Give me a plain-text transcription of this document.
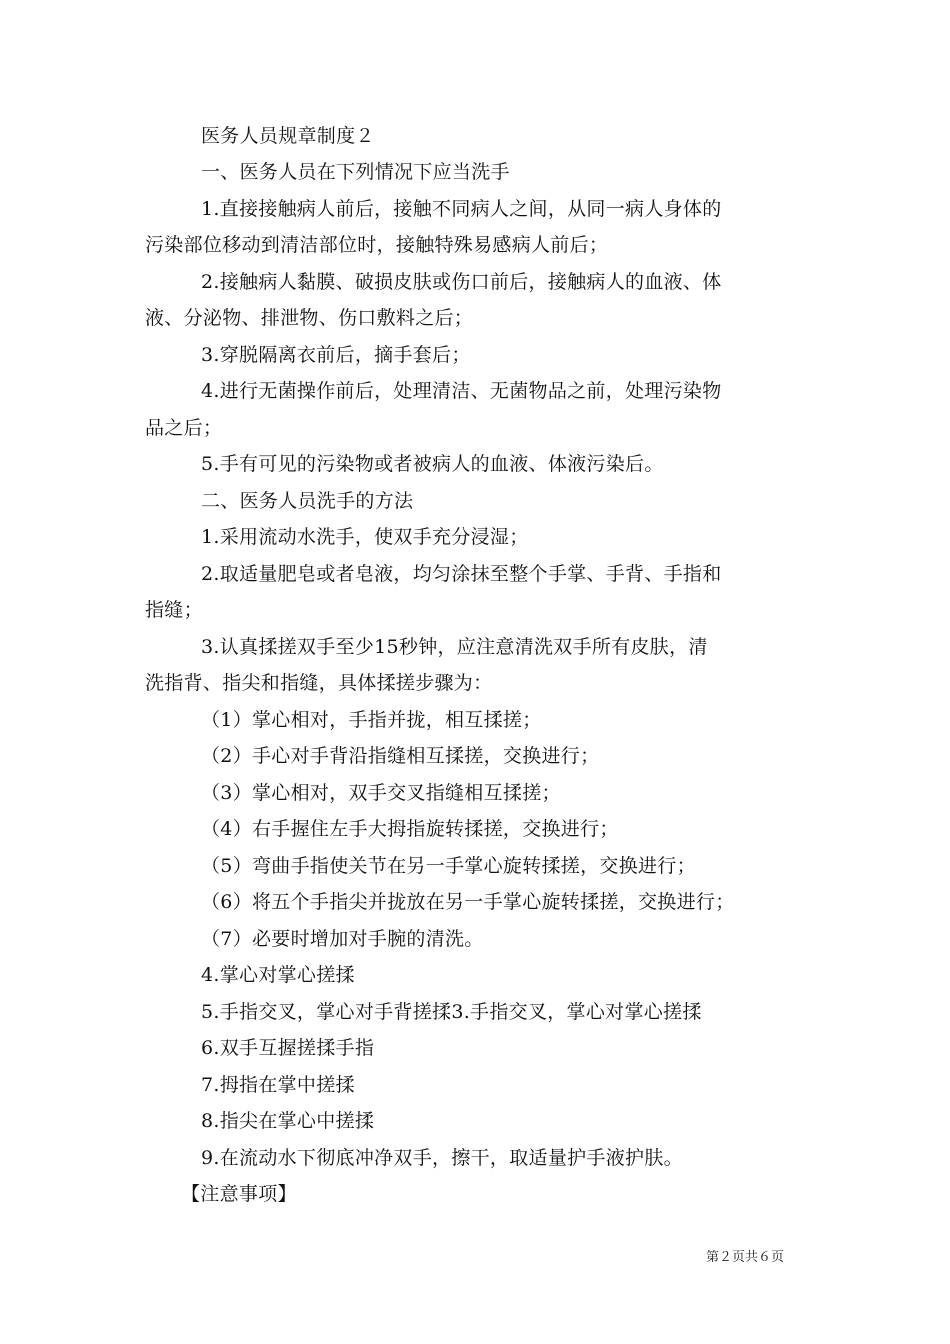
医务人员规章制度２
一、医务人员在下列情况下应当洗手
1.直接接触病人前后，接触不同病人之间，从同一病人身体的
污染部位移动到清洁部位时，接触特殊易感病人前后；
2.接触病人黏膜、破损皮肤或伤口前后，接触病人的血液、体
液、分泌物、排泄物、伤口敷料之后；
3.穿脱隔离衣前后，摘手套后；
4.进行无菌操作前后，处理清洁、无菌物品之前，处理污染物
品之后；
5.手有可见的污染物或者被病人的血液、体液污染后。
二、医务人员洗手的方法
1.采用流动水洗手，使双手充分浸湿；
2.取适量肥皂或者皂液，均匀涂抹至整个手掌、手背、手指和
指缝；
3.认真揉搓双手至少15秒钟，应注意清洗双手所有皮肤，清
洗指背、指尖和指缝，具体揉搓步骤为：
（1）掌心相对，手指并拢，相互揉搓；
（2）手心对手背沿指缝相互揉搓，交换进行；
（3）掌心相对，双手交叉指缝相互揉搓；
（4）右手握住左手大拇指旋转揉搓，交换进行；
（5）弯曲手指使关节在另一手掌心旋转揉搓，交换进行；
（6）将五个手指尖并拢放在另一手掌心旋转揉搓，交换进行；
（7）必要时增加对手腕的清洗。
4.掌心对掌心搓揉
5.手指交叉，掌心对手背搓揉3.手指交叉，掌心对掌心搓揉
6.双手互握搓揉手指
7.拇指在掌中搓揉
8.指尖在掌心中搓揉
9.在流动水下彻底冲净双手，擦干，取适量护手液护肤。
【注意事项】
第２页共６页
